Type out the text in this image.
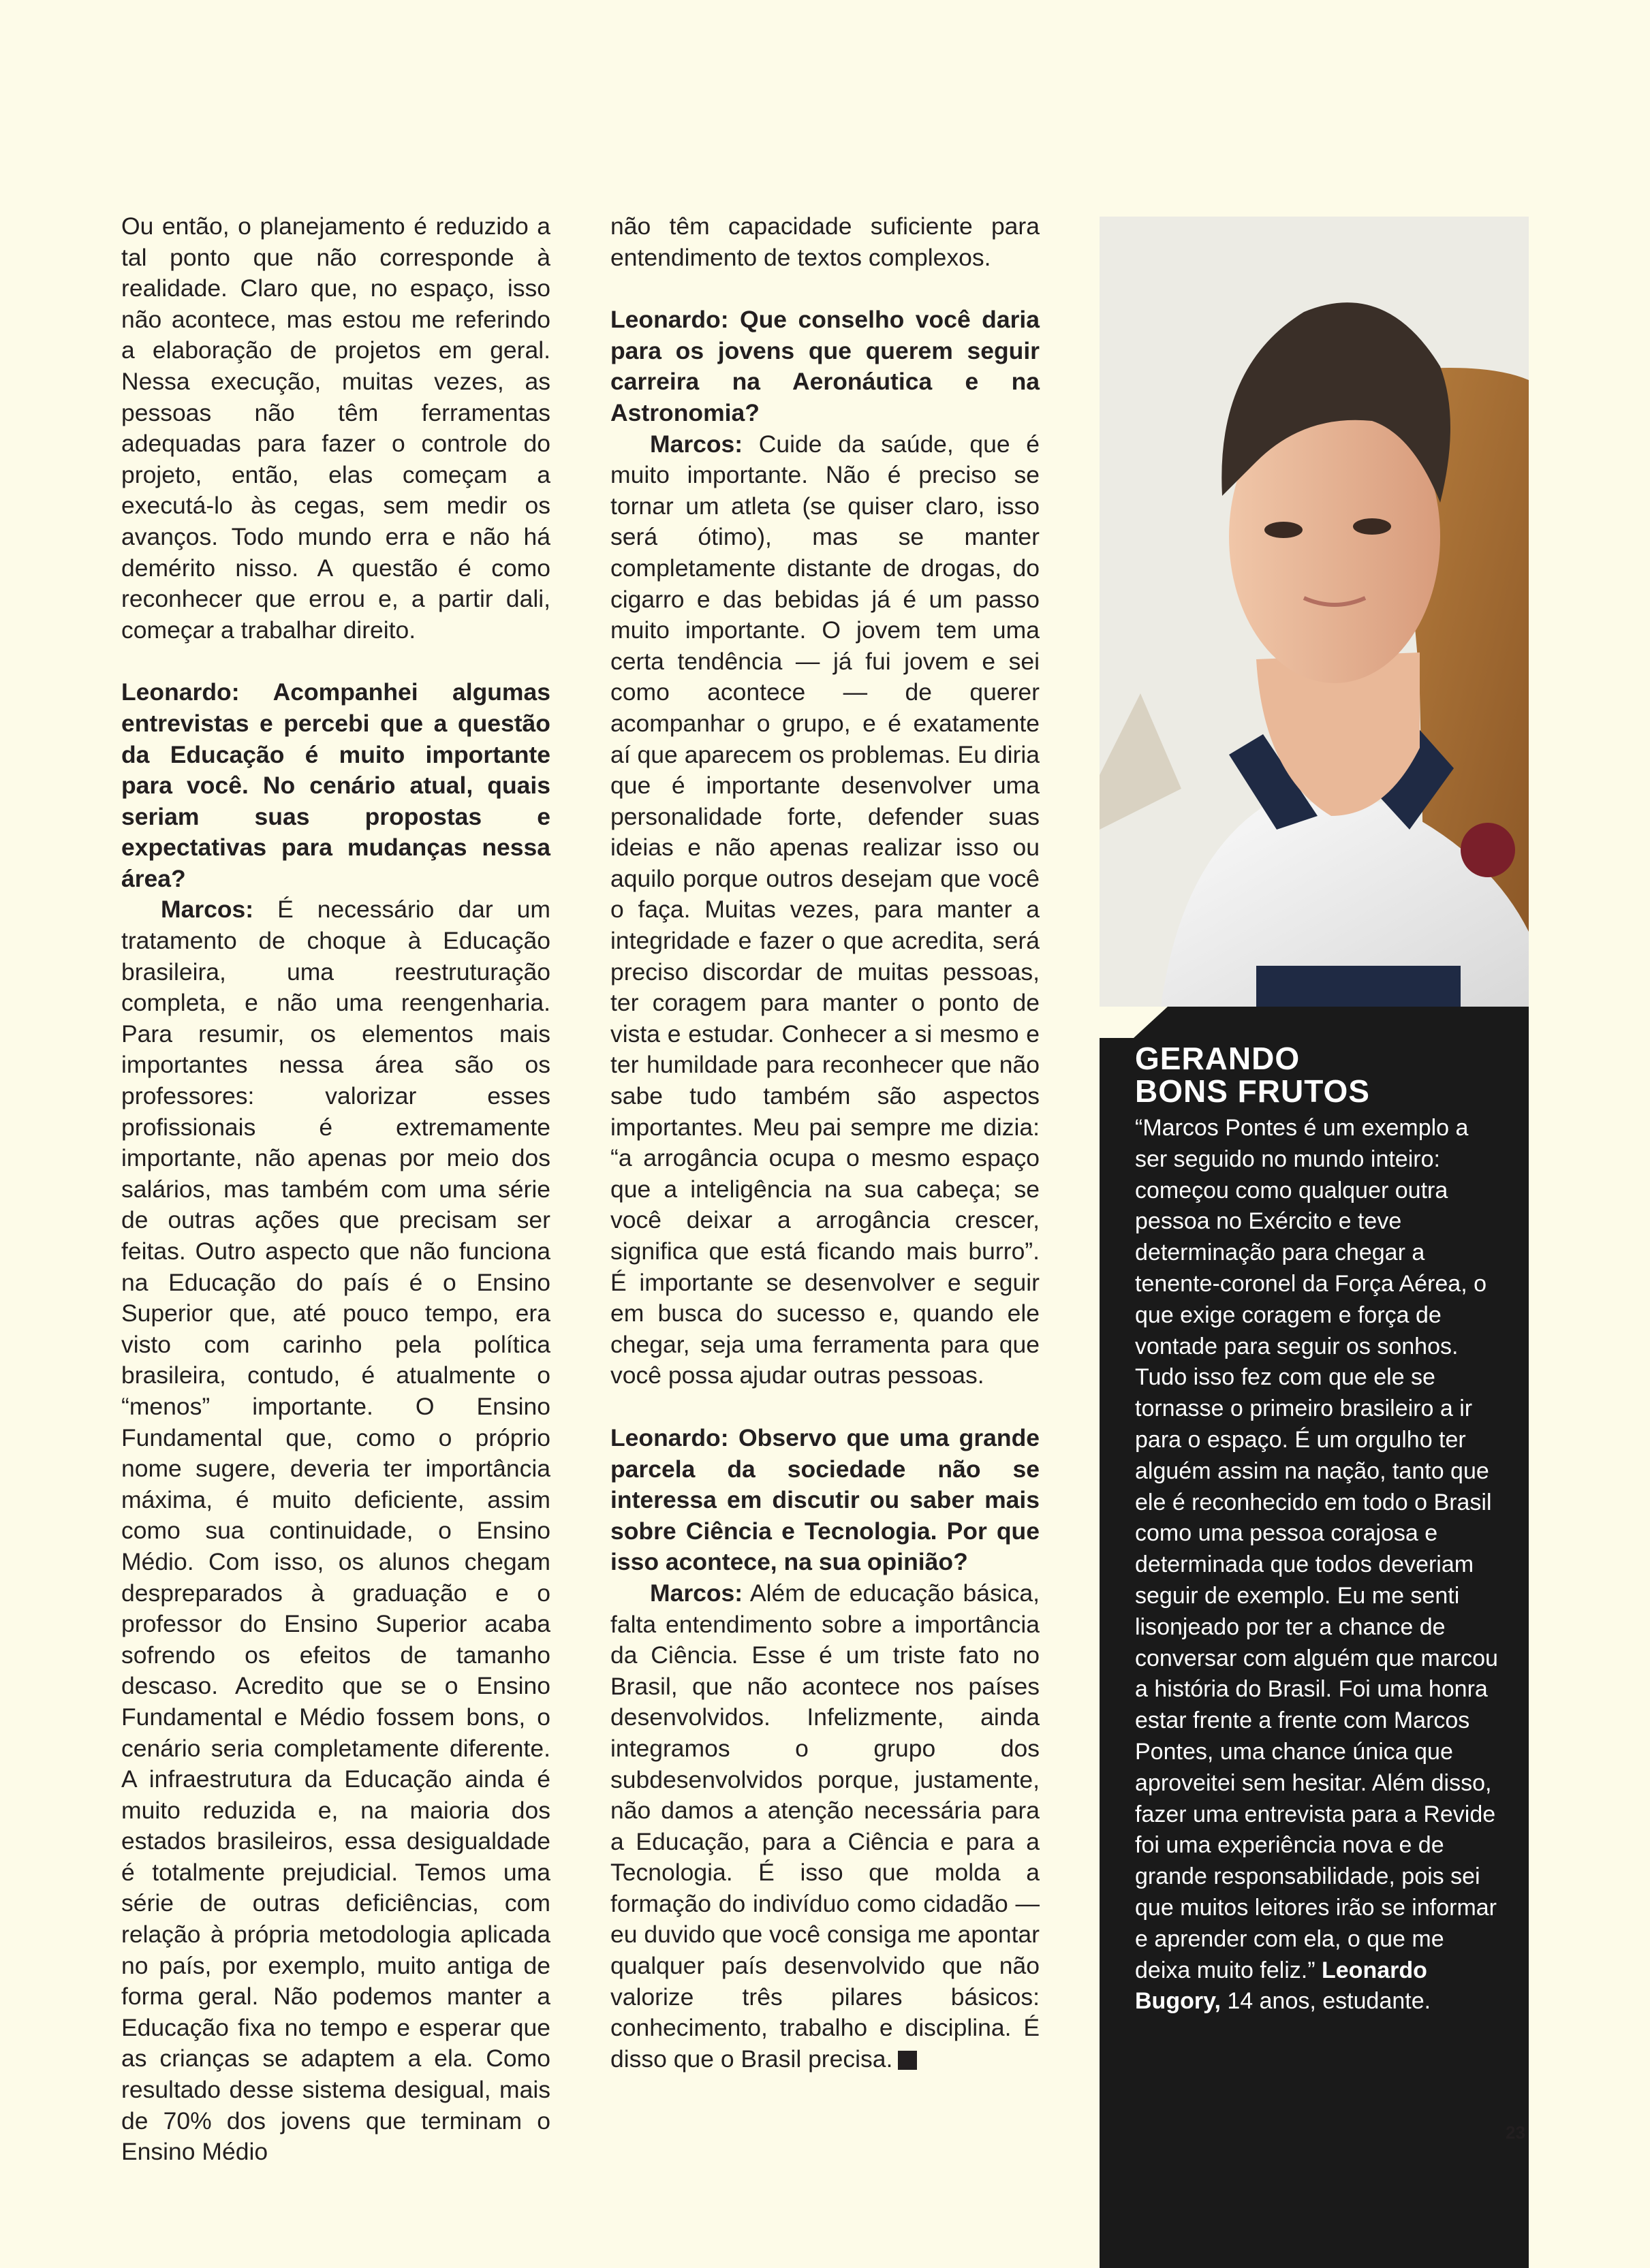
Ou então, o planejamento é reduzido a tal ponto que não corresponde à realidade. Claro que, no espaço, isso não acontece, mas estou me referindo a elaboração de projetos em geral. Nessa execução, muitas vezes, as pessoas não têm ferramentas adequadas para fazer o controle do projeto, então, elas começam a executá-lo às cegas, sem medir os avanços. Todo mundo erra e não há demérito nisso. A questão é como reconhecer que errou e, a partir dali, começar a trabalhar direito.

Leonardo: Acompanhei algumas entrevistas e percebi que a questão da Educação é muito importante para você. No cenário atual, quais seriam suas propostas e expectativas para mudanças nessa área?

Marcos: É necessário dar um tratamento de choque à Educação brasileira, uma reestruturação completa, e não uma reengenharia. Para resumir, os elementos mais importantes nessa área são os professores: valorizar esses profissionais é extremamente importante, não apenas por meio dos salários, mas também com uma série de outras ações que precisam ser feitas. Outro aspecto que não funciona na Educação do país é o Ensino Superior que, até pouco tempo, era visto com carinho pela política brasileira, contudo, é atualmente o “menos” importante. O Ensino Fundamental que, como o próprio nome sugere, deveria ter importância máxima, é muito deficiente, assim como sua continuidade, o Ensino Médio. Com isso, os alunos chegam despreparados à graduação e o professor do Ensino Superior acaba sofrendo os efeitos de tamanho descaso. Acredito que se o Ensino Fundamental e Médio fossem bons, o cenário seria completamente diferente. A infraestrutura da Educação ainda é muito reduzida e, na maioria dos estados brasileiros, essa desigualdade é totalmente prejudicial. Temos uma série de outras deficiências, com relação à própria metodologia aplicada no país, por exemplo, muito antiga de forma geral. Não podemos manter a Educação fixa no tempo e esperar que as crianças se adaptem a ela. Como resultado desse sistema desigual, mais de 70% dos jovens que terminam o Ensino Médio

não têm capacidade suficiente para entendimento de textos complexos.

Leonardo: Que conselho você daria para os jovens que querem seguir carreira na Aeronáutica e na Astronomia?

Marcos: Cuide da saúde, que é muito importante. Não é preciso se tornar um atleta (se quiser claro, isso será ótimo), mas se manter completamente distante de drogas, do cigarro e das bebidas já é um passo muito importante. O jovem tem uma certa tendência — já fui jovem e sei como acontece — de querer acompanhar o grupo, e é exatamente aí que aparecem os problemas. Eu diria que é importante desenvolver uma personalidade forte, defender suas ideias e não apenas realizar isso ou aquilo porque outros desejam que você o faça. Muitas vezes, para manter a integridade e fazer o que acredita, será preciso discordar de muitas pessoas, ter coragem para manter o ponto de vista e estudar. Conhecer a si mesmo e ter humildade para reconhecer que não sabe tudo também são aspectos importantes. Meu pai sempre me dizia: “a arrogância ocupa o mesmo espaço que a inteligência na sua cabeça; se você deixar a arrogância crescer, significa que está ficando mais burro”. É importante se desenvolver e seguir em busca do sucesso e, quando ele chegar, seja uma ferramenta para que você possa ajudar outras pessoas.

Leonardo: Observo que uma grande parcela da sociedade não se interessa em discutir ou saber mais sobre Ciência e Tecnologia. Por que isso acontece, na sua opinião?

Marcos: Além de educação básica, falta entendimento sobre a importância da Ciência. Esse é um triste fato no Brasil, que não acontece nos países desenvolvidos. Infelizmente, ainda integramos o grupo dos subdesenvolvidos porque, justamente, não damos a atenção necessária para a Educação, para a Ciência e para a Tecnologia. É isso que molda a formação do indivíduo como cidadão — eu duvido que você consiga me apontar qualquer país desenvolvido que não valorize três pilares básicos: conhecimento, trabalho e disciplina. É disso que o Brasil precisa.	r

GERANDO
BONS FRUTOS

“Marcos Pontes é um exemplo a ser seguido no mundo inteiro: começou como qualquer outra pessoa no Exército e teve determinação para chegar a tenente-coronel da Força Aérea, o que exige coragem e força de vontade para seguir os sonhos. Tudo isso fez com que ele se tornasse o primeiro brasileiro a ir para o espaço. É um orgulho ter alguém assim na nação, tanto que ele é reconhecido em todo o Brasil como uma pessoa corajosa e determinada que todos deveriam seguir de exemplo. Eu me senti lisonjeado por ter a chance de conversar com alguém que marcou a história do Brasil. Foi uma honra estar frente a frente com Marcos Pontes, uma chance única que aproveitei sem hesitar. Além disso, fazer uma entrevista para a Revide foi uma experiência nova e de grande responsabilidade, pois sei que muitos leitores irão se informar e aprender com ela, o que me deixa muito feliz.” Leonardo Bugory, 14 anos, estudante.

23
